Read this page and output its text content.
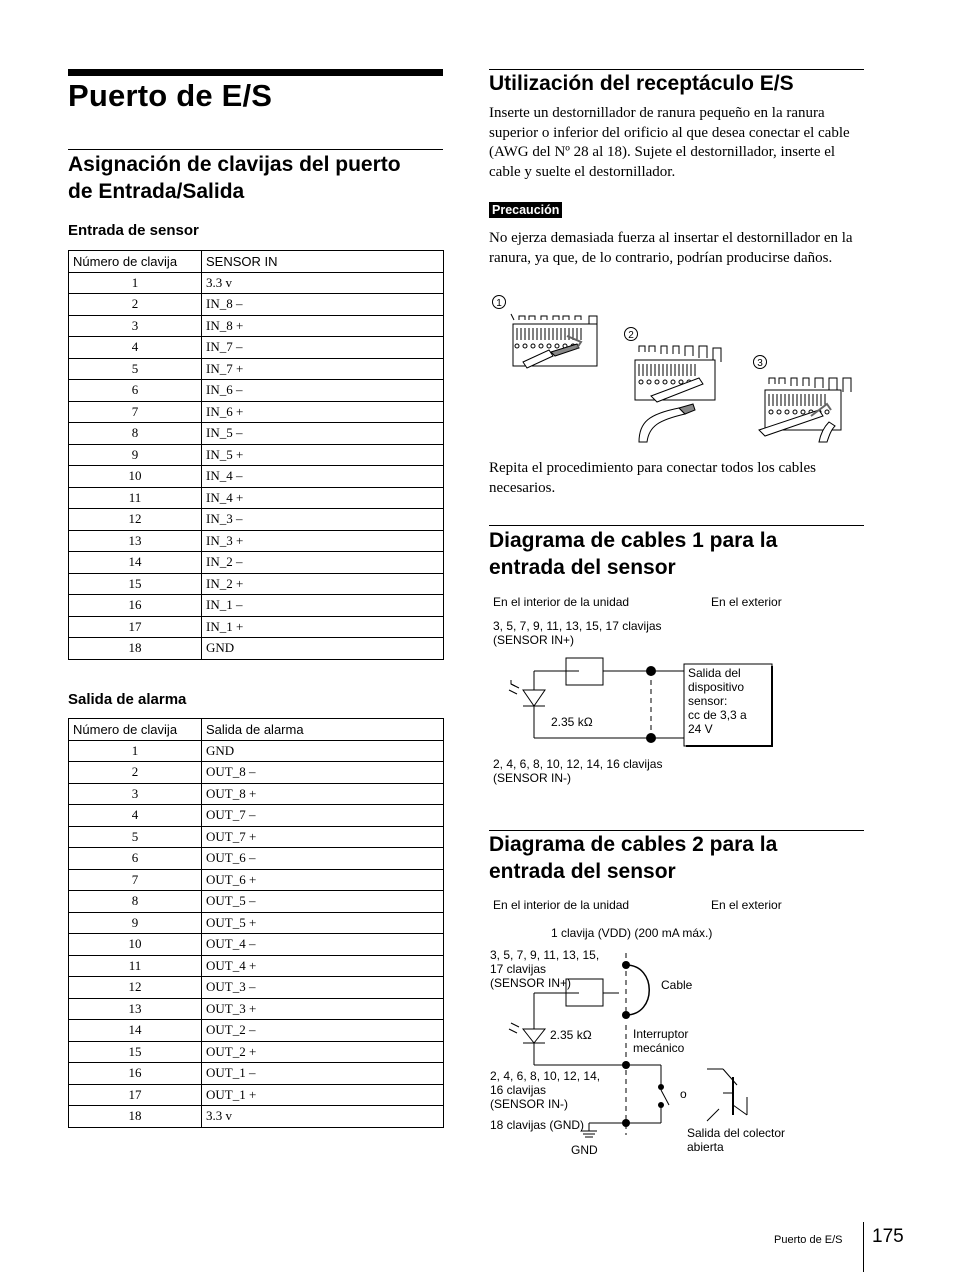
Puerto de E/S
Asignación de clavijas del puerto
de Entrada/Salida
Entrada de sensor
Número de clavija	SENSOR IN
1	3.3 v
2	IN_8 –
3	IN_8 +
4	IN_7 –
5	IN_7 +
6	IN_6 –
7	IN_6 +
8	IN_5 –
9	IN_5 +
10	IN_4 –
11	IN_4 +
12	IN_3 –
13	IN_3 +
14	IN_2 –
15	IN_2 +
16	IN_1 –
17	IN_1 +
18	GND
Salida de alarma
Número de clavija	Salida de alarma
1	GND
2	OUT_8 –
3	OUT_8 +
4	OUT_7 –
5	OUT_7 +
6	OUT_6 –
7	OUT_6 +
8	OUT_5 –
9	OUT_5 +
10	OUT_4 –
11	OUT_4 +
12	OUT_3 –
13	OUT_3 +
14	OUT_2 –
15	OUT_2 +
16	OUT_1 –
17	OUT_1 +
18	3.3 v
Utilización del receptáculo E/S
Inserte un destornillador de ranura pequeño en la ranura superior o inferior del orificio al que desea conectar el cable (AWG del Nº 28 al 18). Sujete el destornillador, inserte el cable y suelte el destornillador.
Precaución
No ejerza demasiada fuerza al insertar el destornillador en la ranura, ya que, de lo contrario, podrían producirse daños.
1
2
3
Repita el procedimiento para conectar todos los cables necesarios.
Diagrama de cables 1 para la
entrada del sensor
En el interior de la unidad	En el exterior
3, 5, 7, 9, 11, 13, 15, 17 clavijas
(SENSOR IN+)
2.35 kΩ
Salida del
dispositivo
sensor:
cc de 3,3 a
24 V
2, 4, 6, 8, 10, 12, 14, 16 clavijas
(SENSOR IN-)
Diagrama de cables 2 para la
entrada del sensor
En el interior de la unidad	En el exterior
1 clavija (VDD) (200 mA máx.)
3, 5, 7, 9, 11, 13, 15,
17 clavijas
(SENSOR IN+)	Cable
2.35 kΩ	Interruptor
mecánico
2, 4, 6, 8, 10, 12, 14,
16 clavijas
(SENSOR IN-)
o
18 clavijas (GND)
GND
Salida del colector
abierta
Puerto de E/S 175
